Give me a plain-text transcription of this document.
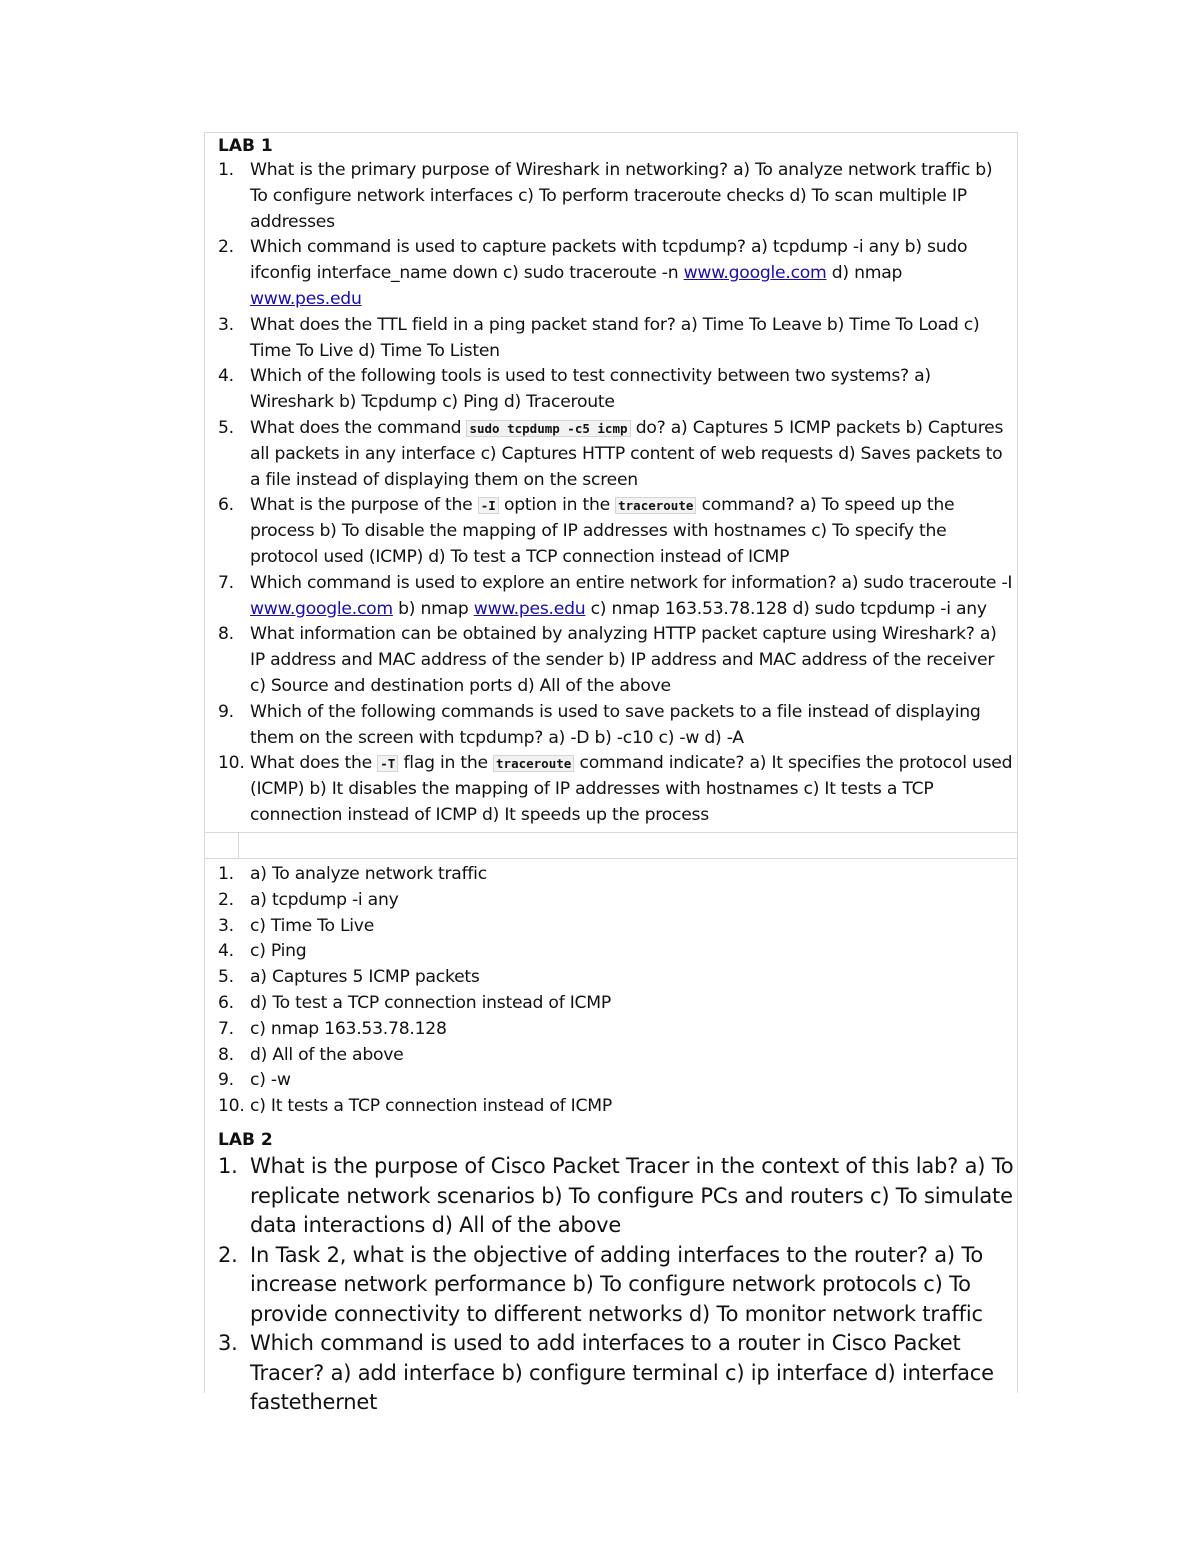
LAB 1

1. What is the primary purpose of Wireshark in networking? a) To analyze network traffic b) To configure network interfaces c) To perform traceroute checks d) To scan multiple IP addresses
2. Which command is used to capture packets with tcpdump? a) tcpdump -i any b) sudo ifconfig interface_name down c) sudo traceroute -n www.google.com d) nmap www.pes.edu
3. What does the TTL field in a ping packet stand for? a) Time To Leave b) Time To Load c) Time To Live d) Time To Listen
4. Which of the following tools is used to test connectivity between two systems? a) Wireshark b) Tcpdump c) Ping d) Traceroute
5. What does the command sudo tcpdump -c5 icmp do? a) Captures 5 ICMP packets b) Captures all packets in any interface c) Captures HTTP content of web requests d) Saves packets to a file instead of displaying them on the screen
6. What is the purpose of the -I option in the traceroute command? a) To speed up the process b) To disable the mapping of IP addresses with hostnames c) To specify the protocol used (ICMP) d) To test a TCP connection instead of ICMP
7. Which command is used to explore an entire network for information? a) sudo traceroute -I www.google.com b) nmap www.pes.edu c) nmap 163.53.78.128 d) sudo tcpdump -i any
8. What information can be obtained by analyzing HTTP packet capture using Wireshark? a) IP address and MAC address of the sender b) IP address and MAC address of the receiver c) Source and destination ports d) All of the above
9. Which of the following commands is used to save packets to a file instead of displaying them on the screen with tcpdump? a) -D b) -c10 c) -w d) -A
10. What does the -T flag in the traceroute command indicate? a) It specifies the protocol used (ICMP) b) It disables the mapping of IP addresses with hostnames c) It tests a TCP connection instead of ICMP d) It speeds up the process
1. a) To analyze network traffic
2. a) tcpdump -i any
3. c) Time To Live
4. c) Ping
5. a) Captures 5 ICMP packets
6. d) To test a TCP connection instead of ICMP
7. c) nmap 163.53.78.128
8. d) All of the above
9. c) -w
10. c) It tests a TCP connection instead of ICMP

LAB 2

1. What is the purpose of Cisco Packet Tracer in the context of this lab? a) To replicate network scenarios b) To configure PCs and routers c) To simulate data interactions d) All of the above
2. In Task 2, what is the objective of adding interfaces to the router? a) To increase network performance b) To configure network protocols c) To provide connectivity to different networks d) To monitor network traffic
3. Which command is used to add interfaces to a router in Cisco Packet Tracer? a) add interface b) configure terminal c) ip interface d) interface fastethernet
